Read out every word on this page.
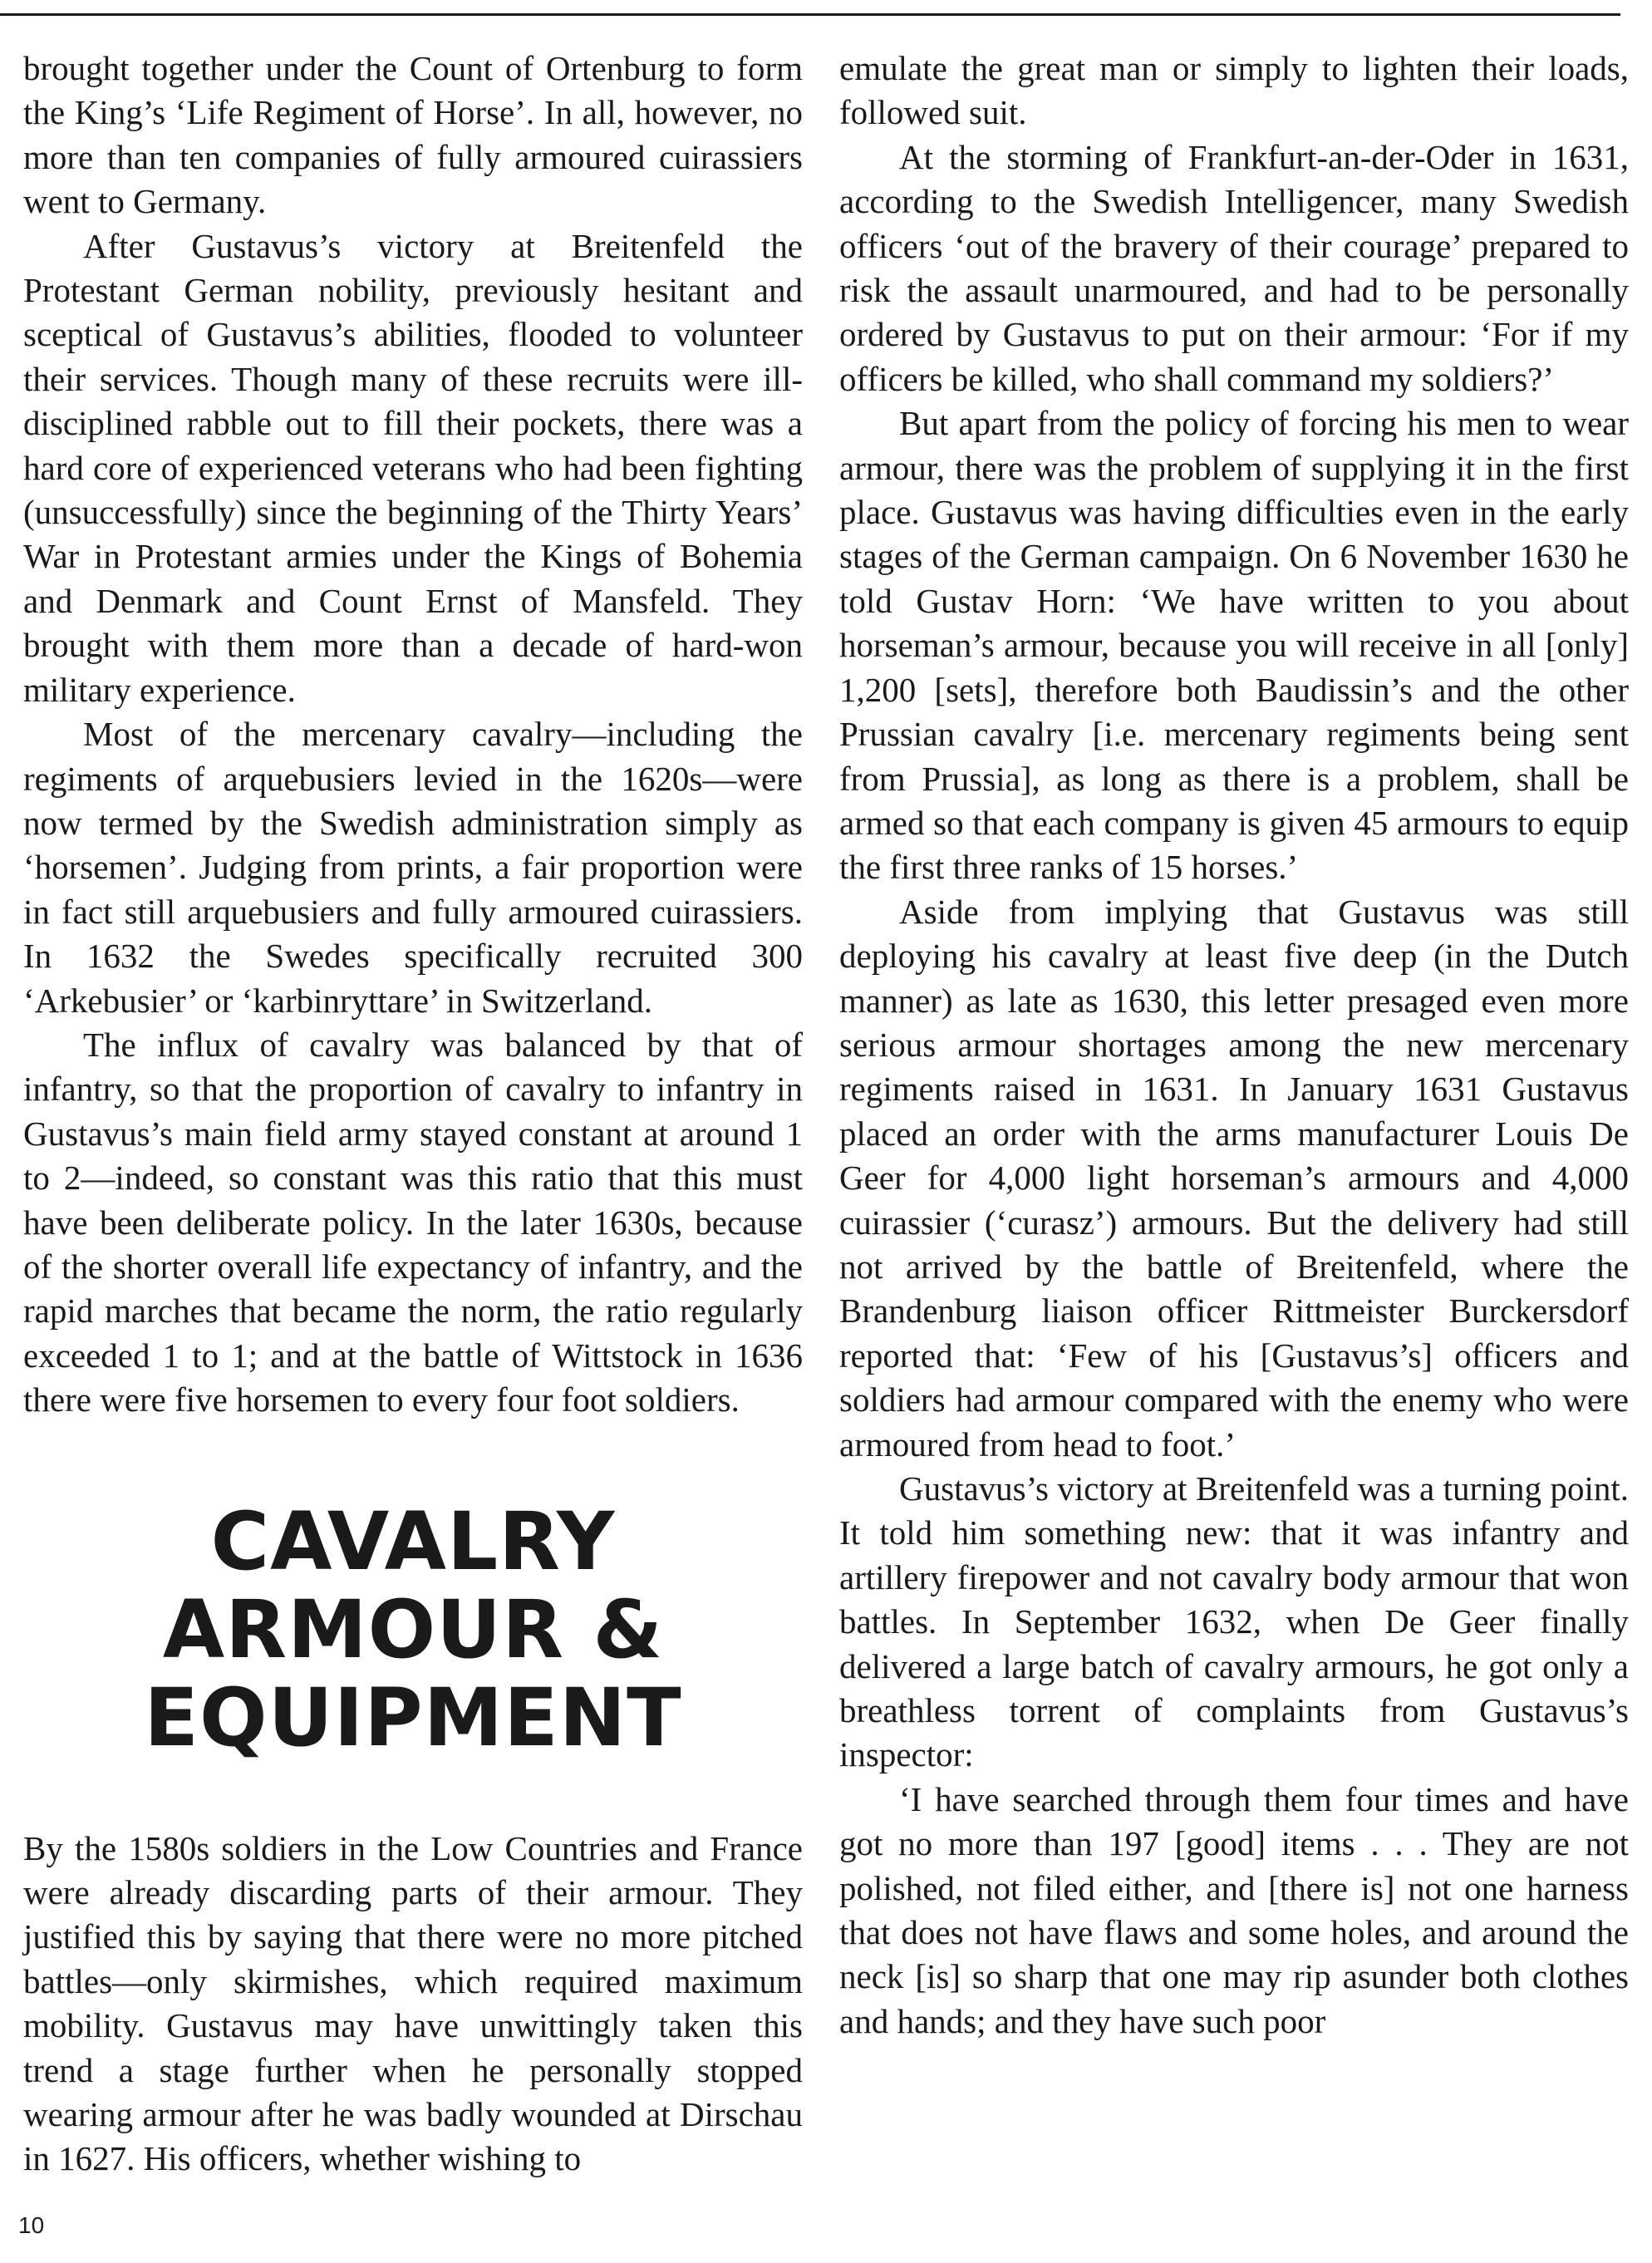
brought together under the Count of Ortenburg to form the King’s ‘Life Regiment of Horse’. In all, however, no more than ten companies of fully armoured cuirassiers went to Germany.

After Gustavus’s victory at Breitenfeld the Protestant German nobility, previously hesitant and sceptical of Gustavus’s abilities, flooded to volunteer their services. Though many of these recruits were ill-disciplined rabble out to fill their pockets, there was a hard core of experienced veterans who had been fighting (unsuccessfully) since the beginning of the Thirty Years’ War in Protestant armies under the Kings of Bohemia and Denmark and Count Ernst of Mansfeld. They brought with them more than a decade of hard-won military experience.

Most of the mercenary cavalry—including the regiments of arquebusiers levied in the 1620s—were now termed by the Swedish administration simply as ‘horsemen’. Judging from prints, a fair proportion were in fact still arquebusiers and fully armoured cuirassiers. In 1632 the Swedes specifically recruited 300 ‘Arkebusier’ or ‘karbinryttare’ in Switzerland.

The influx of cavalry was balanced by that of infantry, so that the proportion of cavalry to infantry in Gustavus’s main field army stayed constant at around 1 to 2—indeed, so constant was this ratio that this must have been deliberate policy. In the later 1630s, because of the shorter overall life expectancy of infantry, and the rapid marches that became the norm, the ratio regularly exceeded 1 to 1; and at the battle of Wittstock in 1636 there were five horsemen to every four foot soldiers.

CAVALRY
ARMOUR &
EQUIPMENT

By the 1580s soldiers in the Low Countries and France were already discarding parts of their armour. They justified this by saying that there were no more pitched battles—only skirmishes, which required maximum mobility. Gustavus may have unwittingly taken this trend a stage further when he personally stopped wearing armour after he was badly wounded at Dirschau in 1627. His officers, whether wishing to

emulate the great man or simply to lighten their loads, followed suit.

At the storming of Frankfurt-an-der-Oder in 1631, according to the Swedish Intelligencer, many Swedish officers ‘out of the bravery of their courage’ prepared to risk the assault unarmoured, and had to be personally ordered by Gustavus to put on their armour: ‘For if my officers be killed, who shall command my soldiers?’

But apart from the policy of forcing his men to wear armour, there was the problem of supplying it in the first place. Gustavus was having difficulties even in the early stages of the German campaign. On 6 November 1630 he told Gustav Horn: ‘We have written to you about horseman’s armour, because you will receive in all [only] 1,200 [sets], therefore both Baudissin’s and the other Prussian cavalry [i.e. mercenary regiments being sent from Prussia], as long as there is a problem, shall be armed so that each company is given 45 armours to equip the first three ranks of 15 horses.’

Aside from implying that Gustavus was still deploying his cavalry at least five deep (in the Dutch manner) as late as 1630, this letter presaged even more serious armour shortages among the new mercenary regiments raised in 1631. In January 1631 Gustavus placed an order with the arms manufacturer Louis De Geer for 4,000 light horseman’s armours and 4,000 cuirassier (‘curasz’) armours. But the delivery had still not arrived by the battle of Breitenfeld, where the Brandenburg liaison officer Rittmeister Burckersdorf reported that: ‘Few of his [Gustavus’s] officers and soldiers had armour compared with the enemy who were armoured from head to foot.’

Gustavus’s victory at Breitenfeld was a turning point. It told him something new: that it was infantry and artillery firepower and not cavalry body armour that won battles. In September 1632, when De Geer finally delivered a large batch of cavalry armours, he got only a breathless torrent of complaints from Gustavus’s inspector:

‘I have searched through them four times and have got no more than 197 [good] items . . . They are not polished, not filed either, and [there is] not one harness that does not have flaws and some holes, and around the neck [is] so sharp that one may rip asunder both clothes and hands; and they have such poor

10
